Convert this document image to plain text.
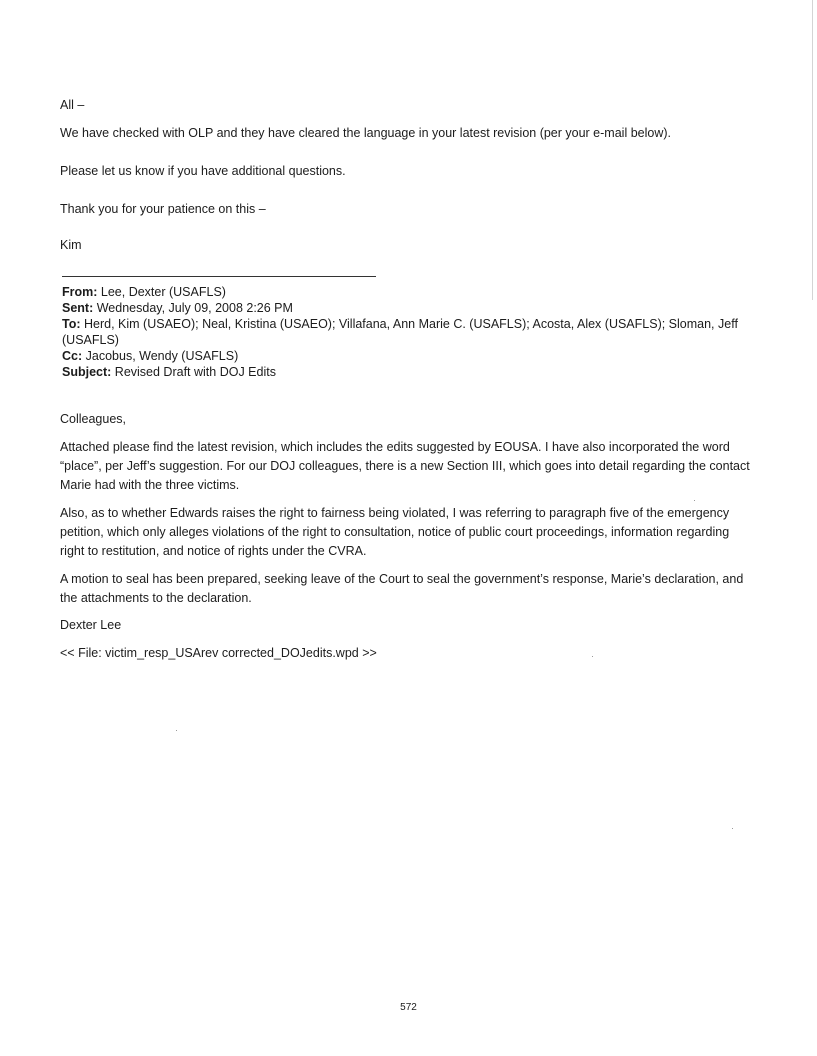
All –

We have checked with OLP and they have cleared the language in your latest revision (per your e-mail below).

Please let us know if you have additional questions.

Thank you for your patience on this –

Kim

From: Lee, Dexter (USAFLS)

Sent: Wednesday, July 09, 2008 2:26 PM

To: Herd, Kim (USAEO); Neal, Kristina (USAEO); Villafana, Ann Marie C. (USAFLS); Acosta, Alex (USAFLS); Sloman, Jeff (USAFLS)

Cc: Jacobus, Wendy (USAFLS)

Subject: Revised Draft with DOJ Edits

Colleagues,

Attached please find the latest revision, which includes the edits suggested by EOUSA. I have also incorporated the word “place”, per Jeff’s suggestion. For our DOJ colleagues, there is a new Section III, which goes into detail regarding the contact Marie had with the three victims.

Also, as to whether Edwards raises the right to fairness being violated, I was referring to paragraph five of the emergency petition, which only alleges violations of the right to consultation, notice of public court proceedings, information regarding right to restitution, and notice of rights under the CVRA.

A motion to seal has been prepared, seeking leave of the Court to seal the government’s response, Marie’s declaration, and the attachments to the declaration.

Dexter Lee

<< File: victim_resp_USArev corrected_DOJedits.wpd >>

572
